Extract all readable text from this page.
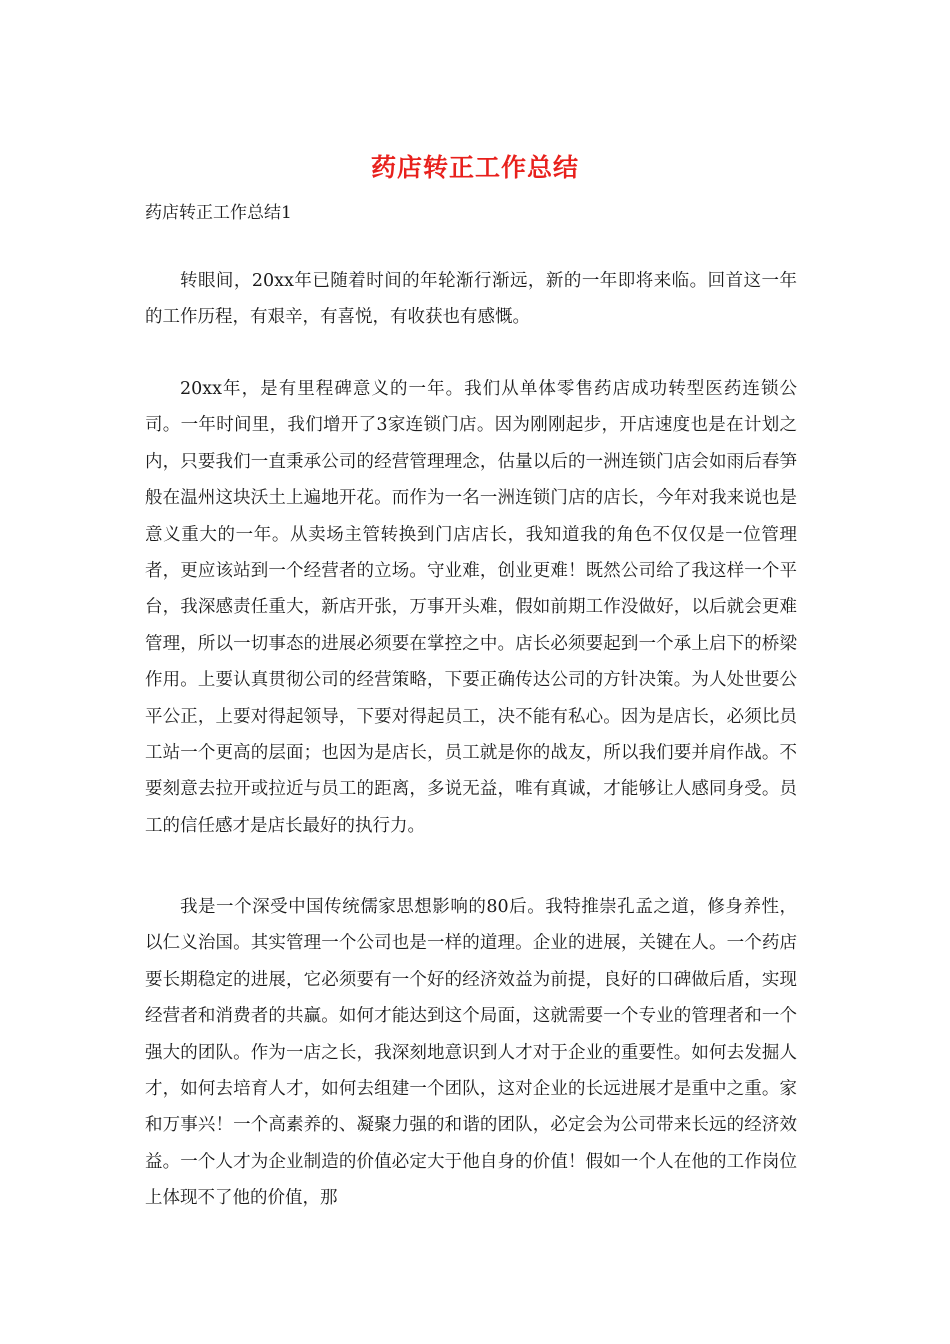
药店转正工作总结
药店转正工作总结1

转眼间，20xx年已随着时间的年轮渐行渐远，新的一年即将来临。回首这一年的工作历程，有艰辛，有喜悦，有收获也有感慨。

20xx年，是有里程碑意义的一年。我们从单体零售药店成功转型医药连锁公司。一年时间里，我们增开了3家连锁门店。因为刚刚起步，开店速度也是在计划之内，只要我们一直秉承公司的经营管理理念，估量以后的一洲连锁门店会如雨后春笋般在温州这块沃土上遍地开花。而作为一名一洲连锁门店的店长，今年对我来说也是意义重大的一年。从卖场主管转换到门店店长，我知道我的角色不仅仅是一位管理者，更应该站到一个经营者的立场。守业难，创业更难！既然公司给了我这样一个平台，我深感责任重大，新店开张，万事开头难，假如前期工作没做好，以后就会更难管理，所以一切事态的进展必须要在掌控之中。店长必须要起到一个承上启下的桥梁作用。上要认真贯彻公司的经营策略，下要正确传达公司的方针决策。为人处世要公平公正，上要对得起领导，下要对得起员工，决不能有私心。因为是店长，必须比员工站一个更高的层面；也因为是店长，员工就是你的战友，所以我们要并肩作战。不要刻意去拉开或拉近与员工的距离，多说无益，唯有真诚，才能够让人感同身受。员工的信任感才是店长最好的执行力。

我是一个深受中国传统儒家思想影响的80后。我特推崇孔孟之道，修身养性，以仁义治国。其实管理一个公司也是一样的道理。企业的进展，关键在人。一个药店要长期稳定的进展，它必须要有一个好的经济效益为前提，良好的口碑做后盾，实现经营者和消费者的共赢。如何才能达到这个局面，这就需要一个专业的管理者和一个强大的团队。作为一店之长，我深刻地意识到人才对于企业的重要性。如何去发掘人才，如何去培育人才，如何去组建一个团队，这对企业的长远进展才是重中之重。家和万事兴！一个高素养的、凝聚力强的和谐的团队，必定会为公司带来长远的经济效益。一个人才为企业制造的价值必定大于他自身的价值！假如一个人在他的工作岗位上体现不了他的价值，那
